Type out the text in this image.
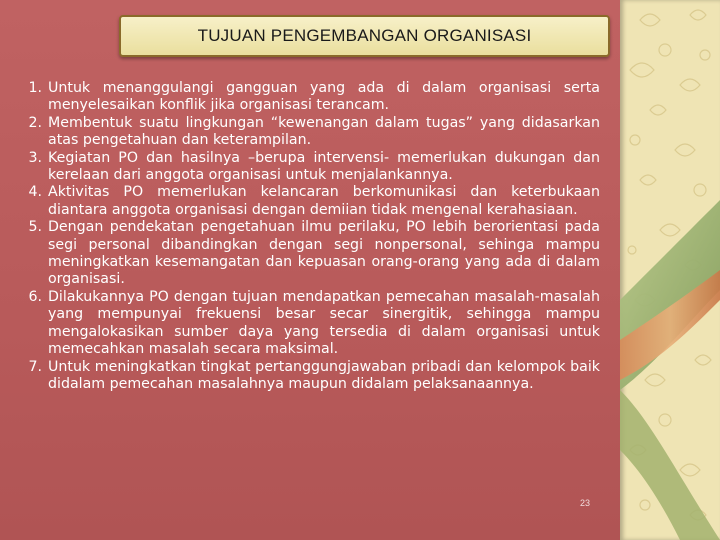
TUJUAN PENGEMBANGAN ORGANISASI
1. Untuk menanggulangi gangguan yang ada di dalam organisasi serta menyelesaikan konflik jika organisasi terancam.
2. Membentuk suatu lingkungan “kewenangan dalam tugas” yang didasarkan atas pengetahuan dan keterampilan.
3. Kegiatan PO dan hasilnya –berupa intervensi- memerlukan dukungan dan kerelaan dari anggota organisasi untuk menjalankannya.
4. Aktivitas PO memerlukan kelancaran berkomunikasi dan keterbukaan diantara anggota organisasi dengan demiian tidak mengenal kerahasiaan.
5. Dengan pendekatan pengetahuan ilmu perilaku, PO lebih berorientasi pada segi personal dibandingkan dengan segi nonpersonal, sehinga mampu meningkatkan kesemangatan dan kepuasan orang-orang yang ada di dalam organisasi.
6. Dilakukannya PO dengan tujuan mendapatkan pemecahan masalah-masalah yang mempunyai frekuensi besar secar sinergitik, sehingga mampu mengalokasikan sumber daya yang tersedia di dalam organisasi untuk memecahkan masalah secara maksimal.
7. Untuk meningkatkan tingkat pertanggungjawaban pribadi dan kelompok baik didalam pemecahan masalahnya maupun didalam pelaksanaannya.
23
